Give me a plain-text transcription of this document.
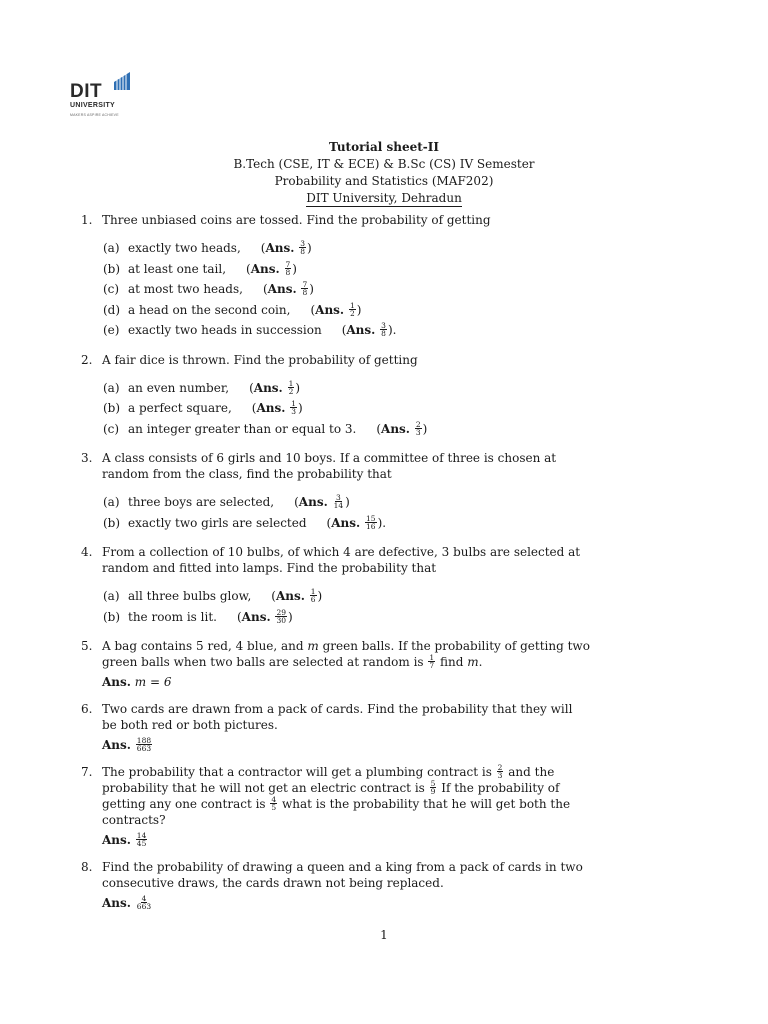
DIT
UNIVERSITY
MAKERS ASPIRE ACHIEVE
Tutorial sheet-II
B.Tech (CSE, IT & ECE) & B.Sc (CS) IV Semester
Probability and Statistics (MAF202)
DIT University, Dehradun
1. Three unbiased coins are tossed. Find the probability of getting
(a) exactly two heads, (Ans. $\frac{3}{8}$ )
(b) at least one tail, (Ans. $\frac{7}{8}$ )
(c) at most two heads, (Ans. $\frac{7}{8}$ )
(d) a head on the second coin, (Ans. $\frac{1}{2}$ )
(e) exactly two heads in succession (Ans. $\frac{3}{8}$ ).
2. A fair dice is thrown. Find the probability of getting
(a) an even number, (Ans. $\frac{1}{2}$ )
(b) a perfect square, (Ans. $\frac{1}{3}$ )
(c) an integer greater than or equal to 3. (Ans. $\frac{2}{3}$ )
3. A class consists of 6 girls and 10 boys. If a committee of three is chosen at random from the class, find the probability that
(a) three boys are selected, (Ans. $\frac{3}{14}$ )
(b) exactly two girls are selected (Ans. $\frac{15}{16}$ ).
4. From a collection of 10 bulbs, of which 4 are defective, 3 bulbs are selected at random and fitted into lamps. Find the probability that
(a) all three bulbs glow, (Ans. $\frac{1}{6}$ )
(b) the room is lit. (Ans. $\frac{29}{30}$ )
5. A bag contains 5 red, 4 blue, and m green balls. If the probability of getting two green balls when two balls are selected at random is $\frac{1}{7}$ find m.
Ans. m = 6
6. Two cards are drawn from a pack of cards. Find the probability that they will be both red or both pictures.
Ans. $\frac{188}{663}$
7. The probability that a contractor will get a plumbing contract is $\frac{2}{3}$ and the probability that he will not get an electric contract is $\frac{5}{9}$ If the probability of getting any one contract is $\frac{4}{5}$ what is the probability that he will get both the contracts?
Ans. $\frac{14}{45}$
8. Find the probability of drawing a queen and a king from a pack of cards in two consecutive draws, the cards drawn not being replaced.
Ans. $\frac{4}{663}$
1
